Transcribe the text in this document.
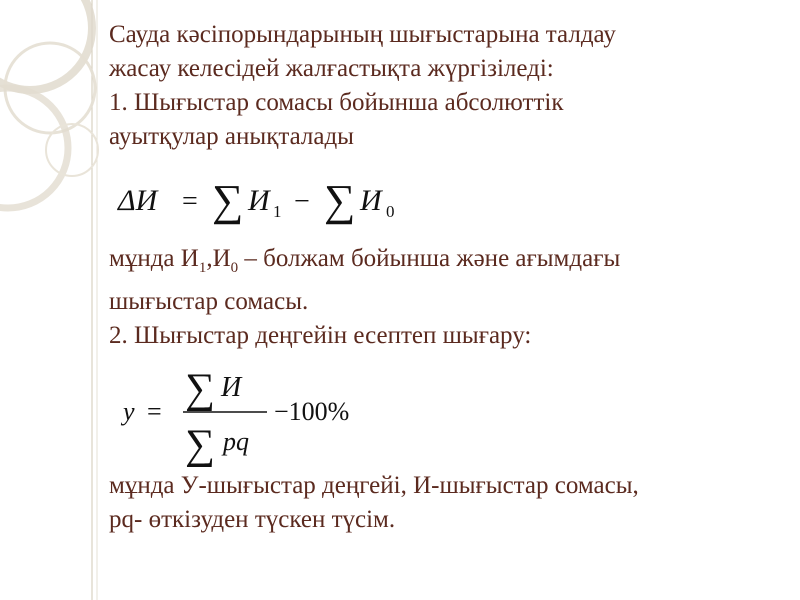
Сауда кәсіпорындарының шығыстарына талдау
жасау келесідей жалғастықта жүргізіледі:
1. Шығыстар сомасы бойынша абсолюттік
ауытқулар анықталады
мұнда $И_1,И_0$ – болжам бойынша және ағымдағы
шығыстар сомасы.
2. Шығыстар деңгейін есептеп шығару:
мұнда У-шығыстар деңгейі, И-шығыстар сомасы,
pq- өткізуден түскен түсім.
ΔИ = ∑ И 1 − ∑ И 0
у = ∑ И
∑ pq
−100%
